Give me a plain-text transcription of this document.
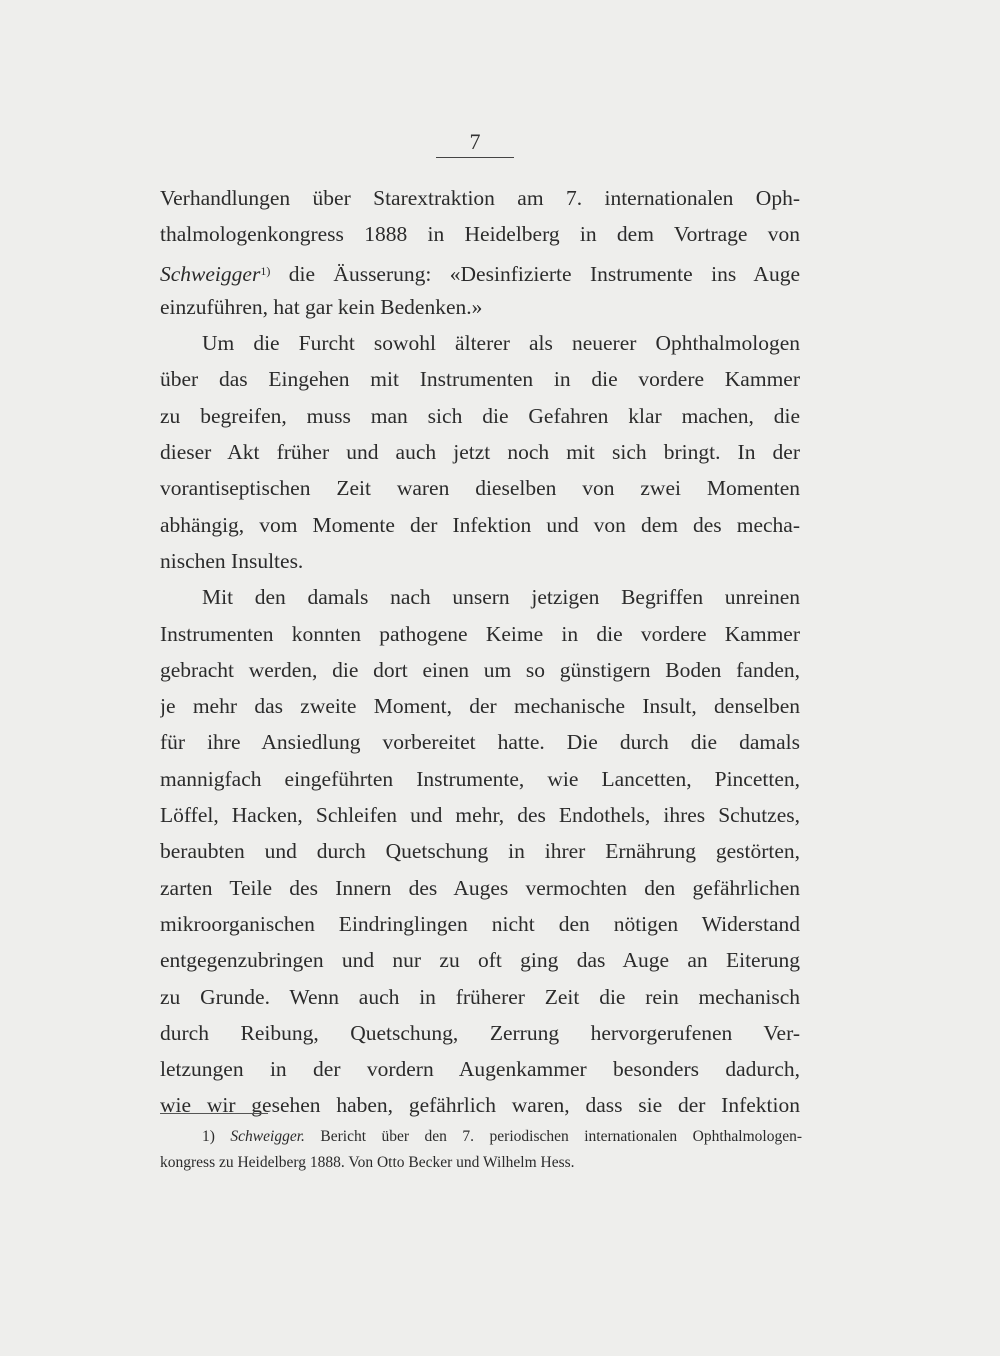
7
Verhandlungen über Starextraktion am 7. internationalen Oph-
thalmologenkongress 1888 in Heidelberg in dem Vortrage von
Schweigger$^{1)}$ die Äusserung: «Desinfizierte Instrumente ins Auge
einzuführen, hat gar kein Bedenken.»
Um die Furcht sowohl älterer als neuerer Ophthalmologen
über das Eingehen mit Instrumenten in die vordere Kammer
zu begreifen, muss man sich die Gefahren klar machen, die
dieser Akt früher und auch jetzt noch mit sich bringt. In der
vorantiseptischen Zeit waren dieselben von zwei Momenten
abhängig, vom Momente der Infektion und von dem des mecha-
nischen Insultes.
Mit den damals nach unsern jetzigen Begriffen unreinen
Instrumenten konnten pathogene Keime in die vordere Kammer
gebracht werden, die dort einen um so günstigern Boden fanden,
je mehr das zweite Moment, der mechanische Insult, denselben
für ihre Ansiedlung vorbereitet hatte. Die durch die damals
mannigfach eingeführten Instrumente, wie Lancetten, Pincetten,
Löffel, Hacken, Schleifen und mehr, des Endothels, ihres Schutzes,
beraubten und durch Quetschung in ihrer Ernährung gestörten,
zarten Teile des Innern des Auges vermochten den gefährlichen
mikroorganischen Eindringlingen nicht den nötigen Widerstand
entgegenzubringen und nur zu oft ging das Auge an Eiterung
zu Grunde. Wenn auch in früherer Zeit die rein mechanisch
durch Reibung, Quetschung, Zerrung hervorgerufenen Ver-
letzungen in der vordern Augenkammer besonders dadurch,
wie wir gesehen haben, gefährlich waren, dass sie der Infektion
1) Schweigger. Bericht über den 7. periodischen internationalen Ophthalmologen-
kongress zu Heidelberg 1888. Von Otto Becker und Wilhelm Hess.
